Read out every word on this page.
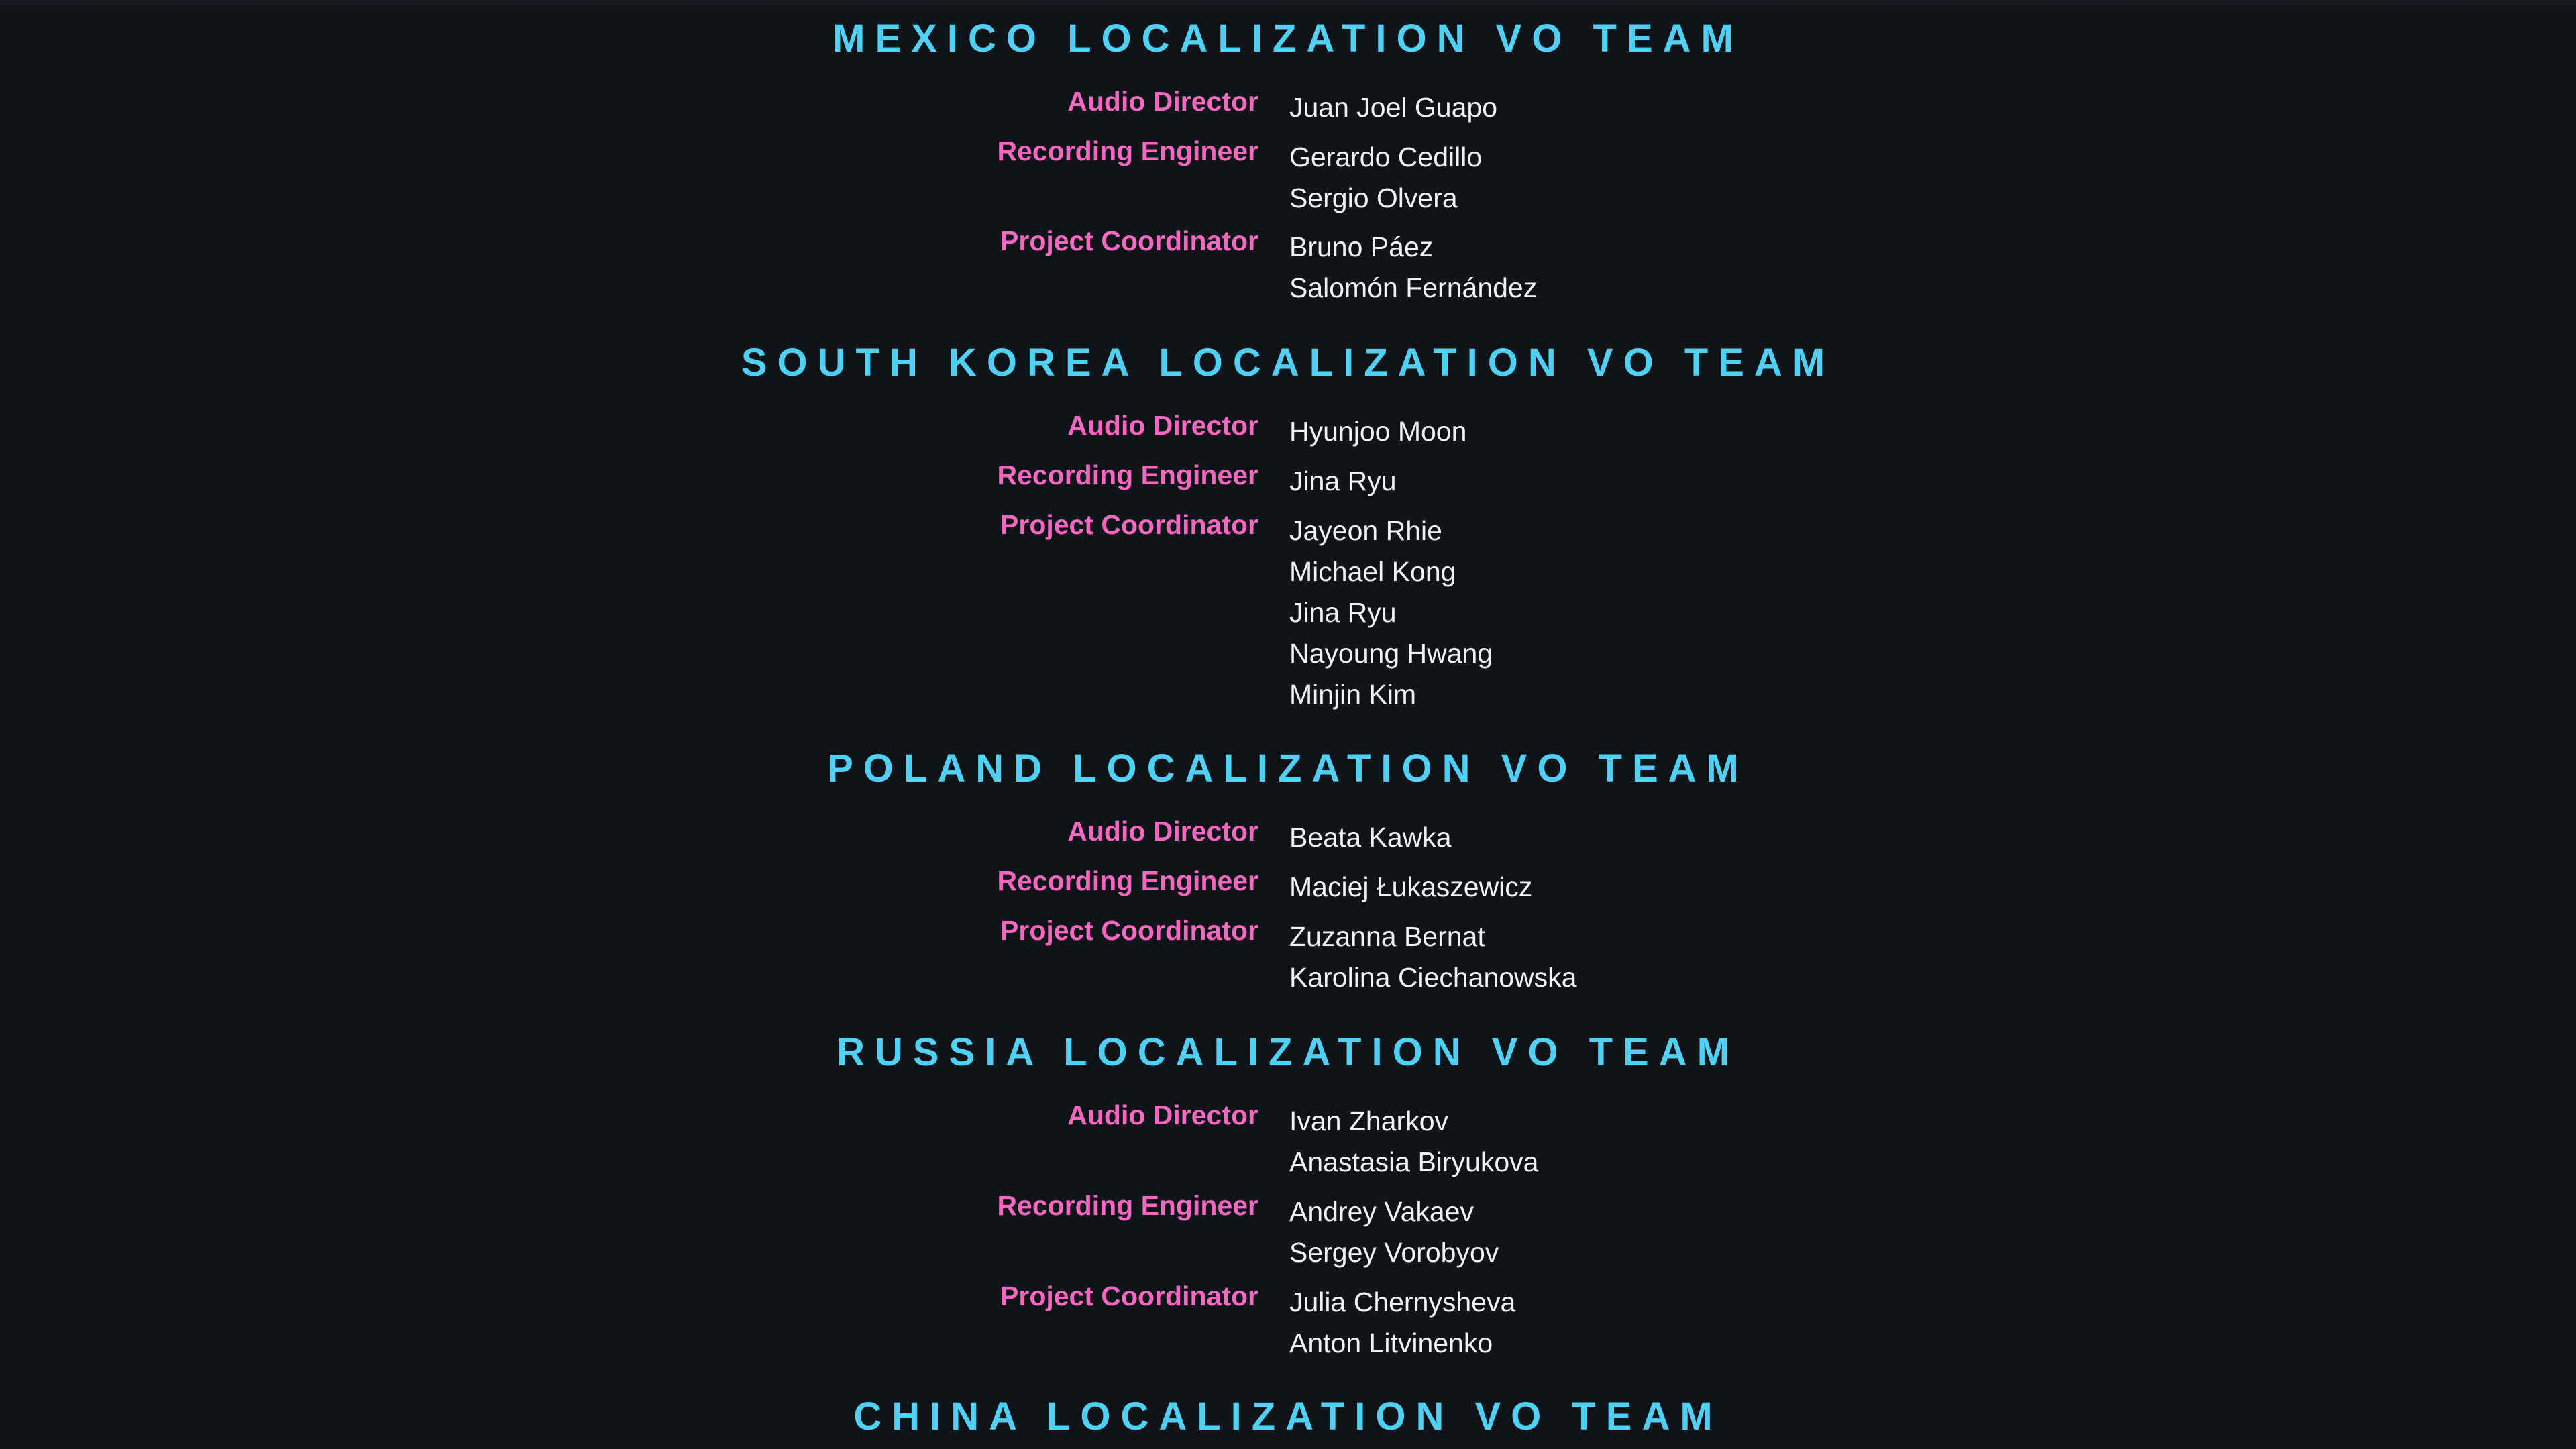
MEXICO LOCALIZATION VO TEAM
Audio Director Juan Joel Guapo
Recording Engineer Gerardo Cedillo
Sergio Olvera
Project Coordinator Bruno Páez
Salomón Fernández
SOUTH KOREA LOCALIZATION VO TEAM
Audio Director Hyunjoo Moon
Recording Engineer Jina Ryu
Project Coordinator Jayeon Rhie
Michael Kong
Jina Ryu
Nayoung Hwang
Minjin Kim
POLAND LOCALIZATION VO TEAM
Audio Director Beata Kawka
Recording Engineer Maciej Łukaszewicz
Project Coordinator Zuzanna Bernat
Karolina Ciechanowska
RUSSIA LOCALIZATION VO TEAM
Audio Director Ivan Zharkov
Anastasia Biryukova
Recording Engineer Andrey Vakaev
Sergey Vorobyov
Project Coordinator Julia Chernysheva
Anton Litvinenko
CHINA LOCALIZATION VO TEAM
